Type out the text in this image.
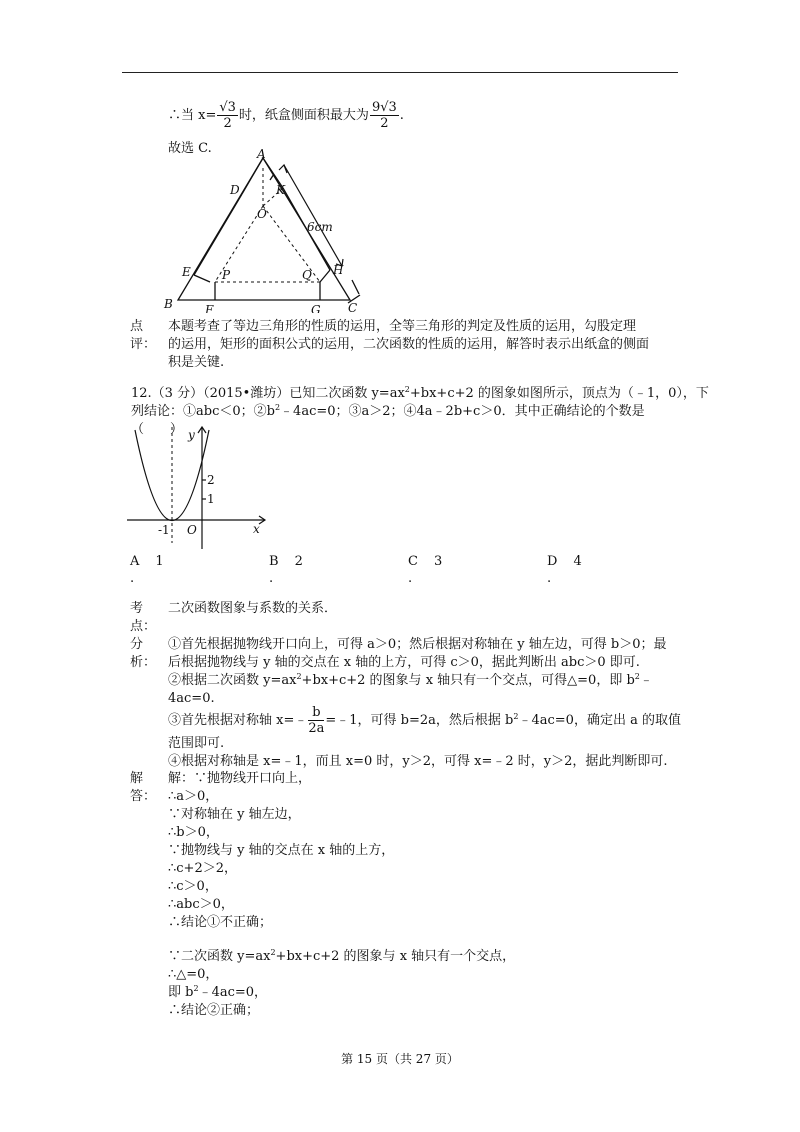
∴当 $x= \frac{√3}{2}$ 时，纸盒侧面积最大为 $\frac{9√3}{2}$ .
故选 C.	A
B	C
D	K
O
E
F
P	Q
G
H
6cm
点
评：
本题考查了等边三角形的性质的运用，全等三角形的判定及性质的运用，勾股定理
的运用，矩形的面积公式的运用，二次函数的性质的运用，解答时表示出纸盒的侧面
积是关键.
12.（3 分）（2015•潍坊）已知二次函数 $y=ax^2+bx+c+2$ 的图象如图所示，顶点为（﹣1，0），下
列结论：①abc＜0；$②b^2﹣4ac=0$；③a＞2；④4a﹣2b+c＞0．其中正确结论的个数是
（　　） y
x
O
-1
1
2
A 1
.
B 2
.
C 3
.
D 4
.
考
点：
二次函数图象与系数的关系．
分
析：
①首先根据抛物线开口向上，可得 a＞0；然后根据对称轴在 y 轴左边，可得 b＞0；最
后根据抛物线与 y 轴的交点在 x 轴的上方，可得 c＞0，据此判断出 abc＞0 即可.
②根据二次函数 $y=ax^2+bx+c+2$ 的图象与 x 轴只有一个交点，可得△=0，即 $b^2﹣$
4ac=0.
③首先根据对称轴 x=﹣ $\frac{b}{2a}$ =﹣1，可得 b=2a，然后根据 $b^2﹣4ac=0$，确定出 a 的取值
范围即可.
④根据对称轴是 x=﹣1，而且 x=0 时，y＞2，可得 x=﹣2 时，y＞2，据此判断即可.
解
答：
解：∵抛物线开口向上，
∴a＞0，
∵对称轴在 y 轴左边，
∴b＞0，
∵抛物线与 y 轴的交点在 x 轴的上方，
∴c+2＞2，
∴c＞0，
∴abc＞0，
∴结论①不正确；
∵二次函数 $y=ax^2+bx+c+2$ 的图象与 x 轴只有一个交点，
∴△=0，
即 $b^2﹣4ac=0$，
∴结论②正确；
第 15 页（共 27 页）
